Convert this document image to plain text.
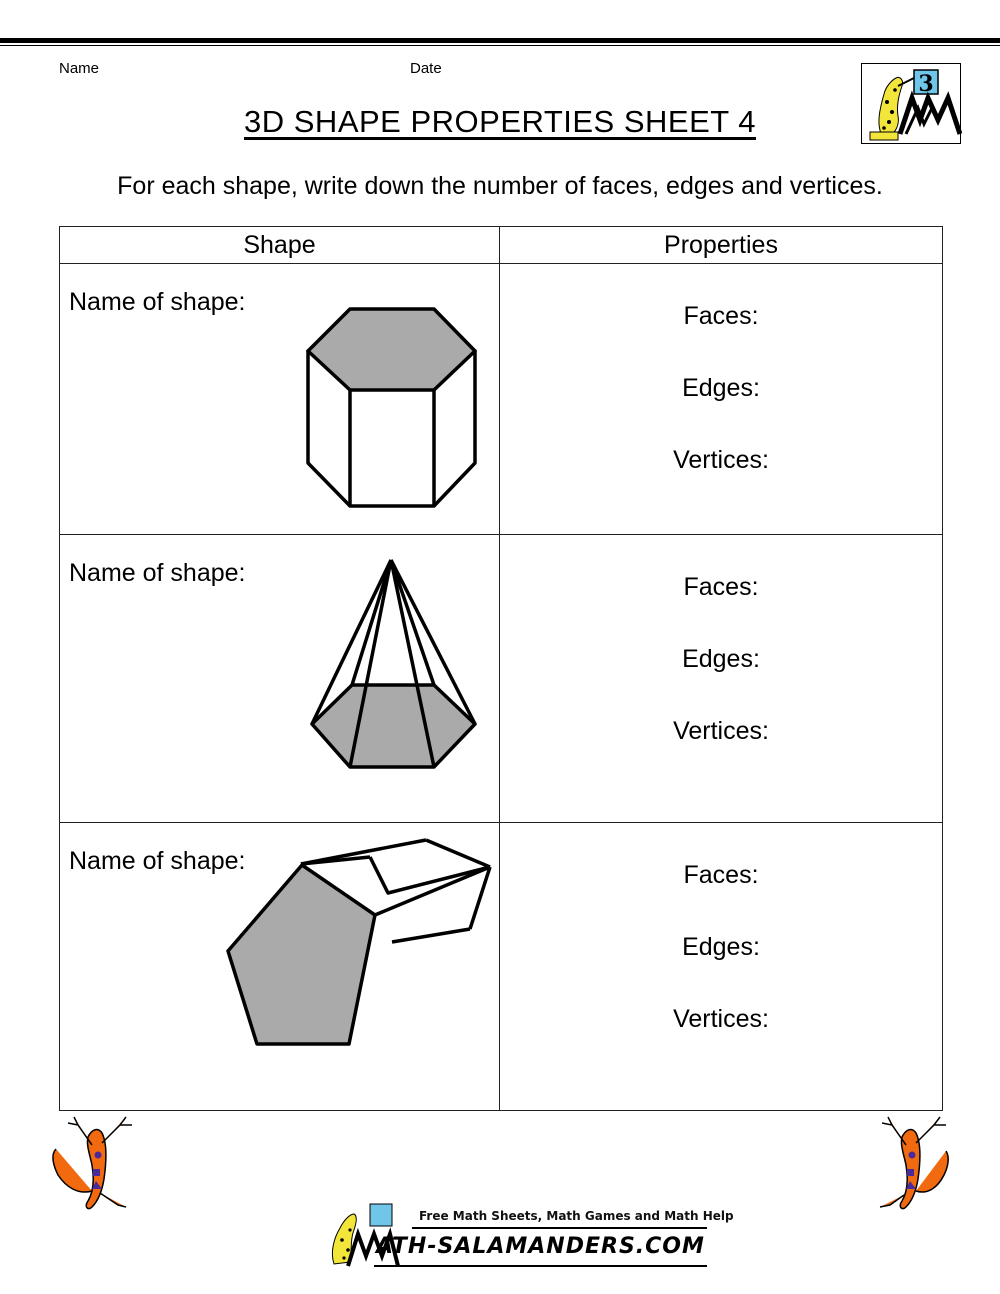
Name	Date
3
3D SHAPE PROPERTIES SHEET 4
For each shape, write down the number of faces, edges and vertices.
Shape	Properties

Name of shape:	Faces:
Edges:
Vertices:

Name of shape:	Faces:
Edges:
Vertices:

Name of shape:	Faces:
Edges:
Vertices:
Free Math Sheets, Math Games and Math Help
ATH-SALAMANDERS.COM
